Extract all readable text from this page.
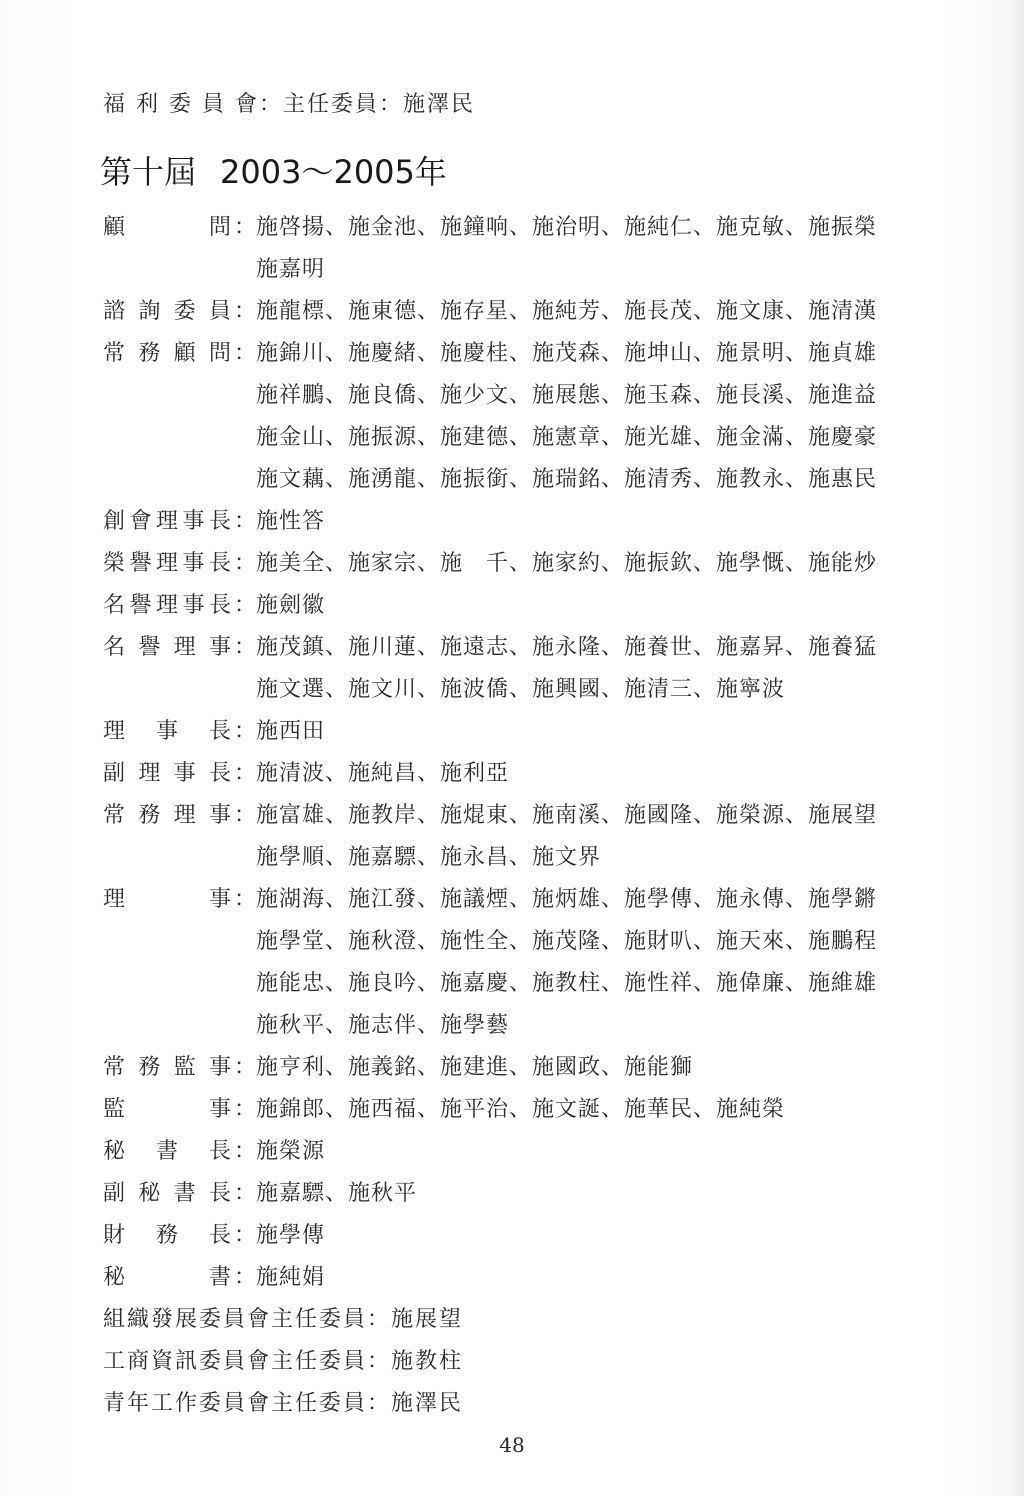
福 利 委 員 會：主任委員：施澤民
第十屆 2003～2005年
顧問 ： 施啓揚、施金池、施鐘响、施治明、施純仁、施克敏、施振榮
施嘉明
諮詢委員 ： 施龍標、施東德、施存星、施純芳、施長茂、施文康、施清漢
常務顧問 ： 施錦川、施慶緒、施慶桂、施茂森、施坤山、施景明、施貞雄
施祥鵬、施良僑、施少文、施展態、施玉森、施長溪、施進益
施金山、施振源、施建德、施憲章、施光雄、施金滿、施慶豪
施文藕、施湧龍、施振銜、施瑞銘、施清秀、施教永、施惠民
創會理事長 ： 施性答
榮譽理事長 ： 施美全、施家宗、施　千、施家約、施振欽、施學慨、施能炒
名譽理事長 ： 施劍徽
名譽理事 ： 施茂鎮、施川蓮、施遠志、施永隆、施養世、施嘉昇、施養猛
施文選、施文川、施波僑、施興國、施清三、施寧波
理事長 ： 施西田
副理事長 ： 施清波、施純昌、施利亞
常務理事 ： 施富雄、施教岸、施焜東、施南溪、施國隆、施榮源、施展望
施學順、施嘉驃、施永昌、施文界
理事 ： 施湖海、施江發、施議煙、施炳雄、施學傳、施永傳、施學鏘
施學堂、施秋澄、施性全、施茂隆、施財叭、施天來、施鵬程
施能忠、施良吟、施嘉慶、施教柱、施性祥、施偉廉、施維雄
施秋平、施志伴、施學藝
常務監事 ： 施亨利、施義銘、施建進、施國政、施能獅
監事 ： 施錦郎、施西福、施平治、施文誕、施華民、施純榮
秘書長 ： 施榮源
副秘書長 ： 施嘉驃、施秋平
財務長 ： 施學傳
秘書 ： 施純娟
組織發展委員會主任委員：施展望
工商資訊委員會主任委員：施教柱
青年工作委員會主任委員：施澤民
48
